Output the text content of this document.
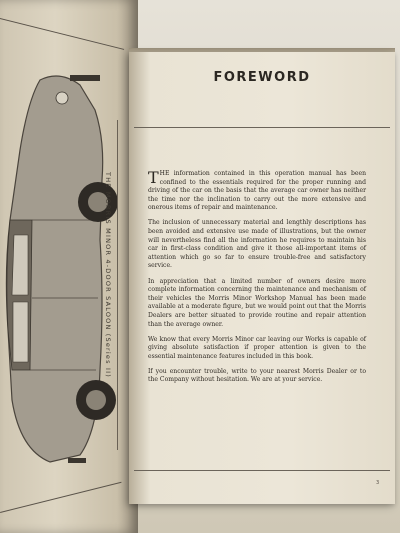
THE MORRIS MINOR 4-DOOR SALOON (Series II)
FOREWORD

THE information contained in this operation manual has been confined to the essentials required for the proper running and driving of the car on the basis that the average car owner has neither the time nor the inclination to carry out the more extensive and onerous items of repair and maintenance.

The inclusion of unnecessary material and lengthly descriptions has been avoided and extensive use made of illustrations, but the owner will nevertheless find all the information he requires to maintain his car in first-class condition and give it those all-important items of attention which go so far to ensure trouble-free and satisfactory service.

In appreciation that a limited number of owners desire more complete information concerning the maintenance and mechanism of their vehicles the Morris Minor Workshop Manual has been made available at a moderate figure, but we would point out that the Morris Dealers are better situated to provide routine and repair attention than the average owner.

We know that every Morris Minor car leaving our Works is capable of giving absolute satisfaction if proper attention is given to the essential maintenance features included in this book.

If you encounter trouble, write to your nearest Morris Dealer or to the Company without hesitation. We are at your service.

3
